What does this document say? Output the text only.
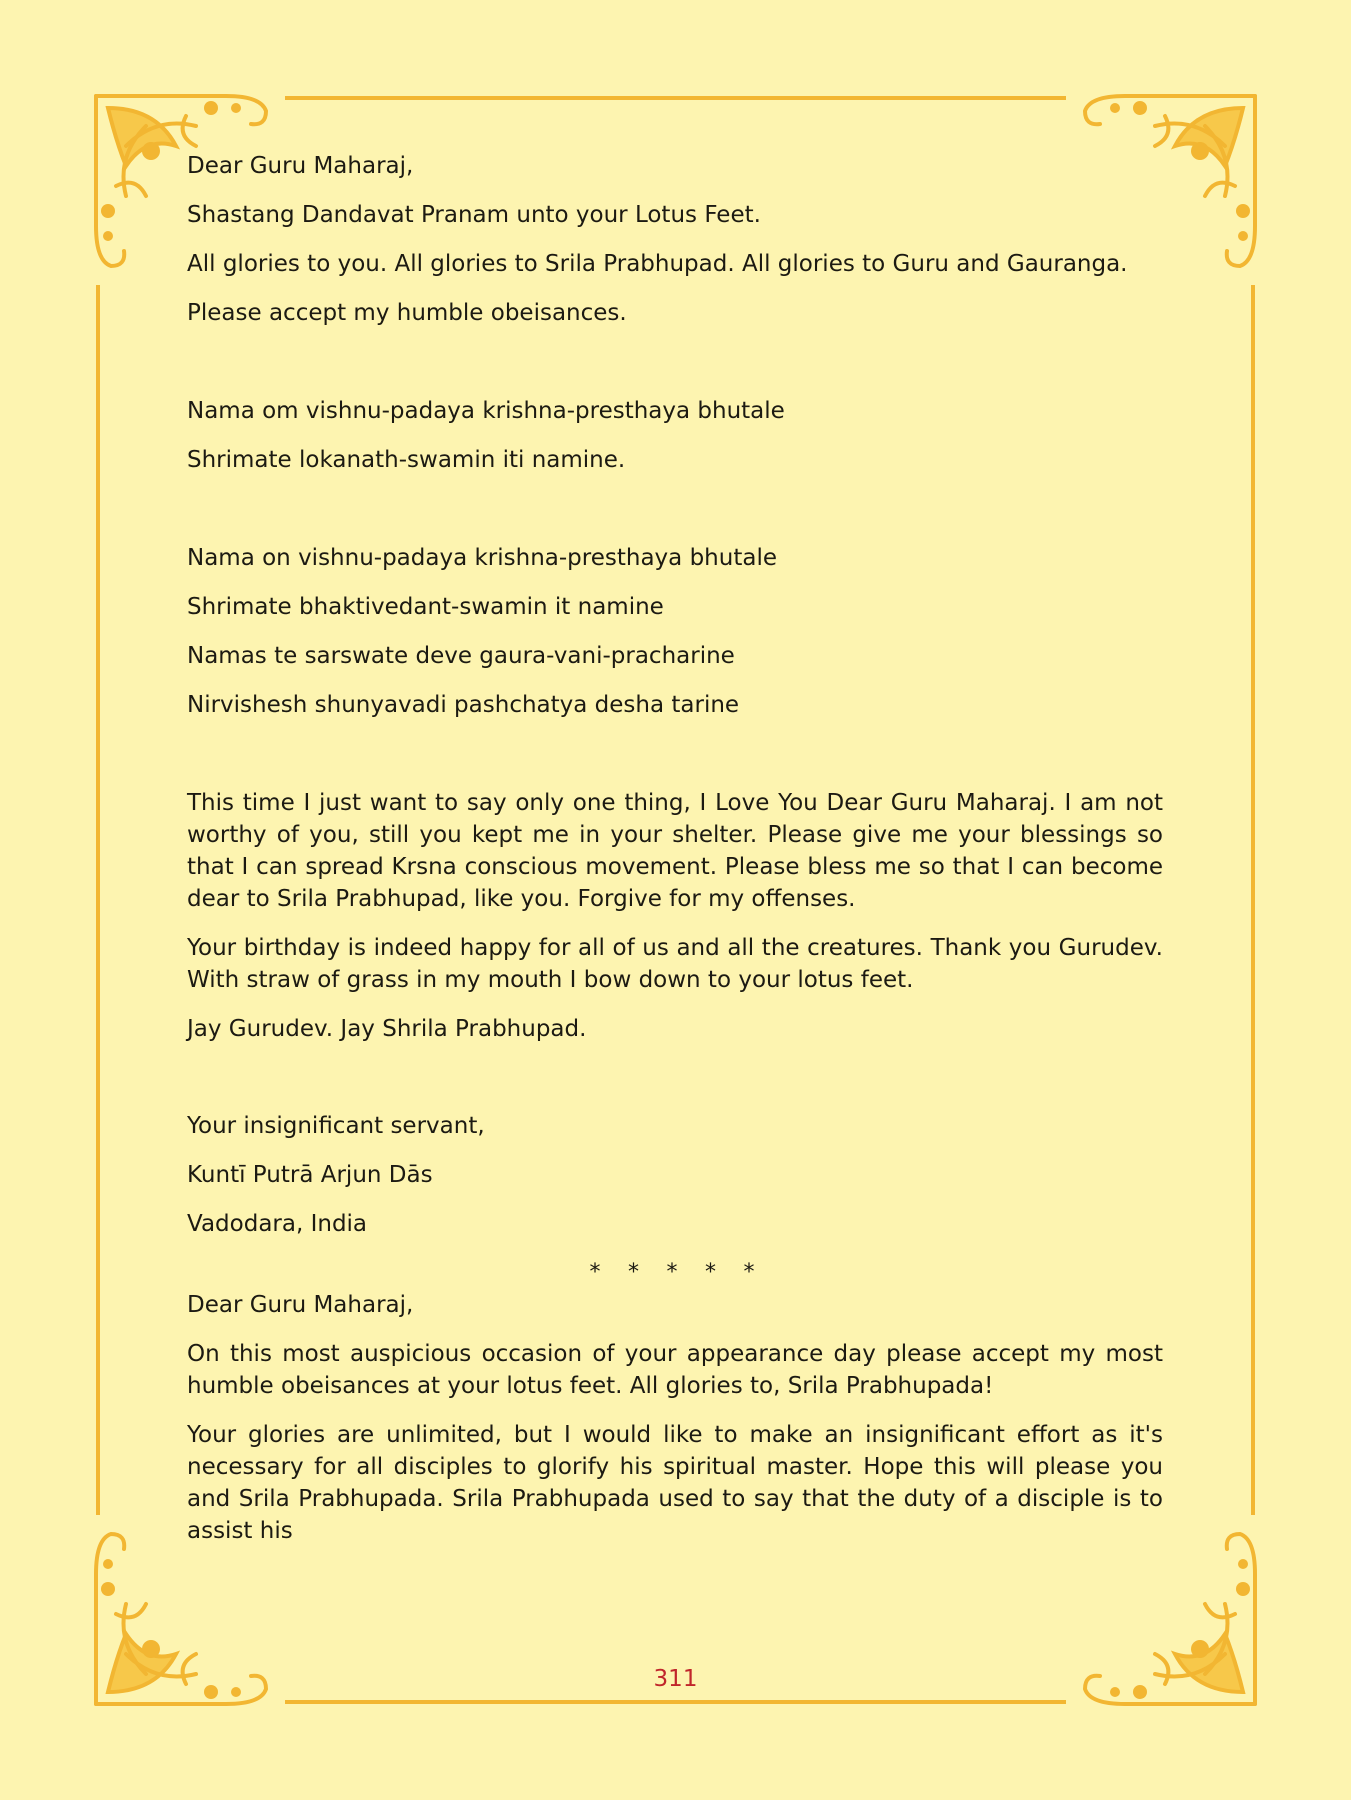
Dear Guru Maharaj,

Shastang Dandavat Pranam unto your Lotus Feet.

All glories to you. All glories to Srila Prabhupad. All glories to Guru and Gauranga.

Please accept my humble obeisances.

Nama om vishnu-padaya krishna-presthaya bhutale

Shrimate lokanath-swamin iti namine.

Nama on vishnu-padaya krishna-presthaya bhutale

Shrimate bhaktivedant-swamin it namine

Namas te sarswate deve gaura-vani-pracharine

Nirvishesh shunyavadi pashchatya desha tarine

This time I just want to say only one thing, I Love You Dear Guru Maharaj. I am not worthy of you, still you kept me in your shelter. Please give me your blessings so that I can spread Krsna conscious movement. Please bless me so that I can become dear to Srila Prabhupad, like you. Forgive for my offenses.

Your birthday is indeed happy for all of us and all the creatures. Thank you Gurudev. With straw of grass in my mouth I bow down to your lotus feet.

Jay Gurudev. Jay Shrila Prabhupad.

Your insignificant servant,

Kuntī Putrā Arjun Dās

Vadodara, India

* * * * *

Dear Guru Maharaj,

On this most auspicious occasion of your appearance day please accept my most humble obeisances at your lotus feet. All glories to, Srila Prabhupada!

Your glories are unlimited, but I would like to make an insignificant effort as it's necessary for all disciples to glorify his spiritual master. Hope this will please you and Srila Prabhupada. Srila Prabhupada used to say that the duty of a disciple is to assist his

311
